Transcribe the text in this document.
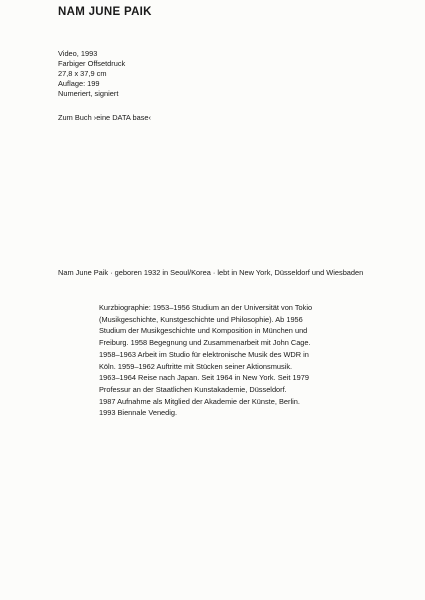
NAM JUNE PAIK
Video, 1993
Farbiger Offsetdruck
27,8 x 37,9 cm
Auflage: 199
Numeriert, signiert
Zum Buch ›eine DATA base‹
Nam June Paik · geboren 1932 in Seoul/Korea · lebt in New York, Düsseldorf und Wiesbaden
Kurzbiographie: 1953–1956 Studium an der Universität von Tokio
(Musikgeschichte, Kunstgeschichte und Philosophie). Ab 1956
Studium der Musikgeschichte und Komposition in München und
Freiburg. 1958 Begegnung und Zusammenarbeit mit John Cage.
1958–1963 Arbeit im Studio für elektronische Musik des WDR in
Köln. 1959–1962 Auftritte mit Stücken seiner Aktionsmusik.
1963–1964 Reise nach Japan. Seit 1964 in New York. Seit 1979
Professur an der Staatlichen Kunstakademie, Düsseldorf.
1987 Aufnahme als Mitglied der Akademie der Künste, Berlin.
1993 Biennale Venedig.
